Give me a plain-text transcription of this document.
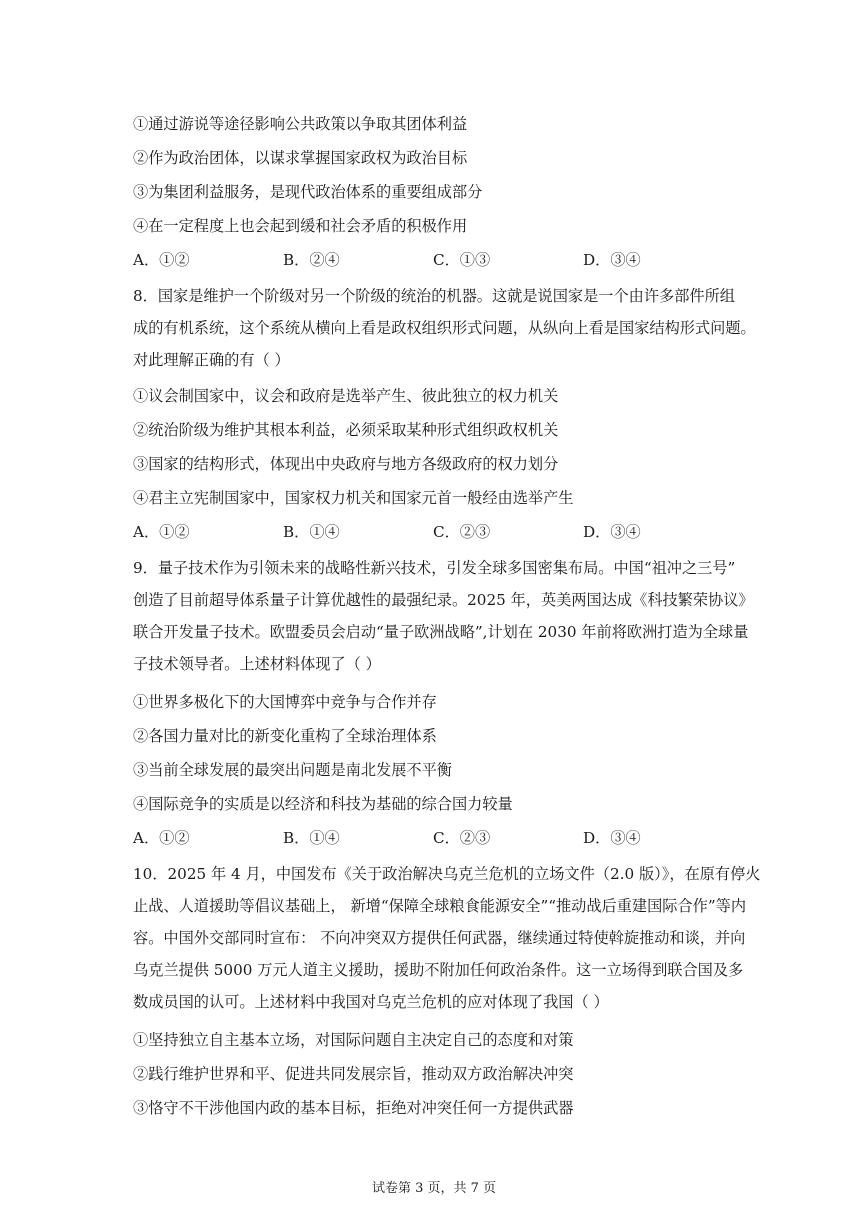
①通过游说等途径影响公共政策以争取其团体利益
②作为政治团体，以谋求掌握国家政权为政治目标
③为集团利益服务，是现代政治体系的重要组成部分
④在一定程度上也会起到缓和社会矛盾的积极作用
A．①②	B．②④	C．①③	D．③④
8．国家是维护一个阶级对另一个阶级的统治的机器。这就是说国家是一个由许多部件所组
成的有机系统，这个系统从横向上看是政权组织形式问题，从纵向上看是国家结构形式问题。
对此理解正确的有（ ）
①议会制国家中，议会和政府是选举产生、彼此独立的权力机关
②统治阶级为维护其根本利益，必须采取某种形式组织政权机关
③国家的结构形式，体现出中央政府与地方各级政府的权力划分
④君主立宪制国家中，国家权力机关和国家元首一般经由选举产生
A．①②	B．①④	C．②③	D．③④
9．量子技术作为引领未来的战略性新兴技术，引发全球多国密集布局。中国“祖冲之三号”
创造了目前超导体系量子计算优越性的最强纪录。2025 年，英美两国达成《科技繁荣协议》
联合开发量子技术。欧盟委员会启动“量子欧洲战略”,计划在 2030 年前将欧洲打造为全球量
子技术领导者。上述材料体现了（ ）
①世界多极化下的大国博弈中竞争与合作并存
②各国力量对比的新变化重构了全球治理体系
③当前全球发展的最突出问题是南北发展不平衡
④国际竞争的实质是以经济和科技为基础的综合国力较量
A．①②	B．①④	C．②③	D．③④
10．2025 年 4 月，中国发布《关于政治解决乌克兰危机的立场文件（2.0 版）》，在原有停火
止战、人道援助等倡议基础上， 新增“保障全球粮食能源安全”“推动战后重建国际合作”等内
容。中国外交部同时宣布： 不向冲突双方提供任何武器，继续通过特使斡旋推动和谈，并向
乌克兰提供 5000 万元人道主义援助，援助不附加任何政治条件。这一立场得到联合国及多
数成员国的认可。上述材料中我国对乌克兰危机的应对体现了我国（ ）
①坚持独立自主基本立场，对国际问题自主决定自己的态度和对策
②践行维护世界和平、促进共同发展宗旨，推动双方政治解决冲突
③恪守不干涉他国内政的基本目标，拒绝对冲突任何一方提供武器
试卷第 3 页，共 7 页
